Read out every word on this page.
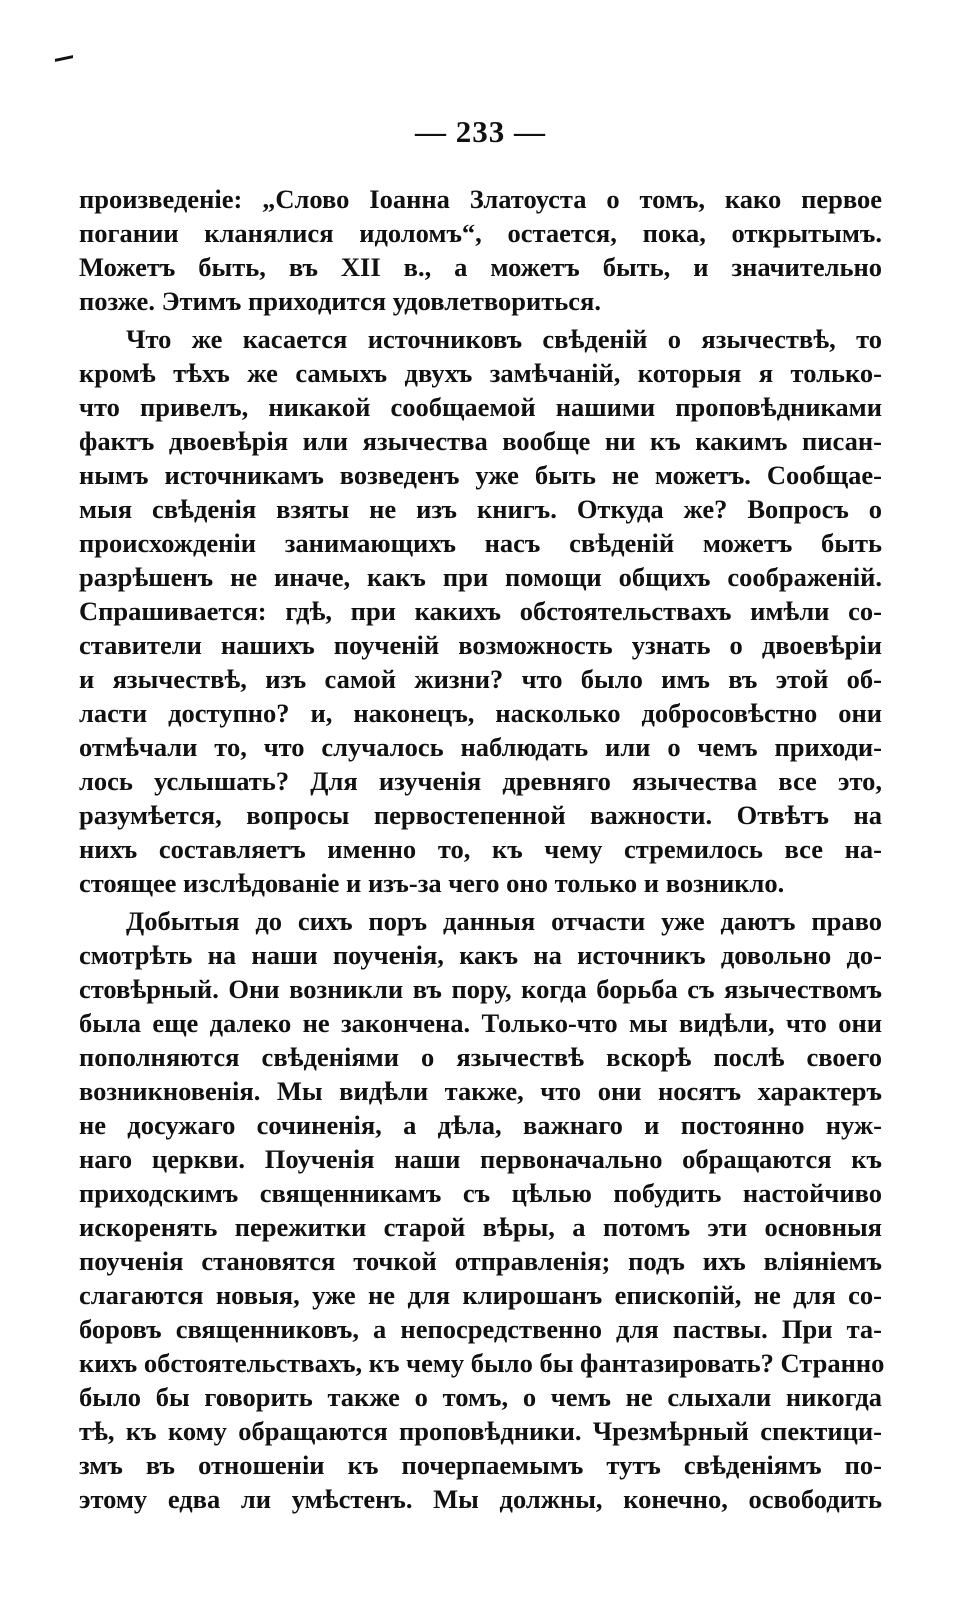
— 233 —
произведеніе: „Слово Іоанна Златоуста о томъ, како первое
погании кланялися идоломъ“, остается, пока, открытымъ.
Можетъ быть, въ XII в., а можетъ быть, и значительно
позже. Этимъ приходится удовлетвориться.
Что же касается источниковъ свѣденій о язычествѣ, то
кромѣ тѣхъ же самыхъ двухъ замѣчаній, которыя я только-
что привелъ, никакой сообщаемой нашими проповѣдниками
фактъ двоевѣрія или язычества вообще ни къ какимъ писан-
нымъ источникамъ возведенъ уже быть не можетъ. Сообщае-
мыя свѣденія взяты не изъ книгъ. Откуда же? Вопросъ о
происхожденіи занимающихъ насъ свѣденій можетъ быть
разрѣшенъ не иначе, какъ при помощи общихъ соображеній.
Спрашивается: гдѣ, при какихъ обстоятельствахъ имѣли со-
ставители нашихъ поученій возможность узнать о двоевѣріи
и язычествѣ, изъ самой жизни? что было имъ въ этой об-
ласти доступно? и, наконецъ, насколько добросовѣстно они
отмѣчали то, что случалось наблюдать или о чемъ приходи-
лось услышать? Для изученія древняго язычества все это,
разумѣется, вопросы первостепенной важности. Отвѣтъ на
нихъ составляетъ именно то, къ чему стремилось все на-
стоящее изслѣдованіе и изъ-за чего оно только и возникло.
Добытыя до сихъ поръ данныя отчасти уже даютъ право
смотрѣть на наши поученія, какъ на источникъ довольно до-
стовѣрный. Они возникли въ пору, когда борьба съ язычествомъ
была еще далеко не закончена. Только-что мы видѣли, что они
пополняются свѣденіями о язычествѣ вскорѣ послѣ своего
возникновенія. Мы видѣли также, что они носятъ характеръ
не досужаго сочиненія, а дѣла, важнаго и постоянно нуж-
наго церкви. Поученія наши первоначально обращаются къ
приходскимъ священникамъ съ цѣлью побудить настойчиво
искоренять пережитки старой вѣры, а потомъ эти основныя
поученія становятся точкой отправленія; подъ ихъ вліяніемъ
слагаются новыя, уже не для клирошанъ епископій, не для со-
боровъ священниковъ, а непосредственно для паствы. При та-
кихъ обстоятельствахъ, къ чему было бы фантазировать? Странно
было бы говорить также о томъ, о чемъ не слыхали никогда
тѣ, къ кому обращаются проповѣдники. Чрезмѣрный спектици-
змъ въ отношеніи къ почерпаемымъ тутъ свѣденіямъ по-
этому едва ли умѣстенъ. Мы должны, конечно, освободить
